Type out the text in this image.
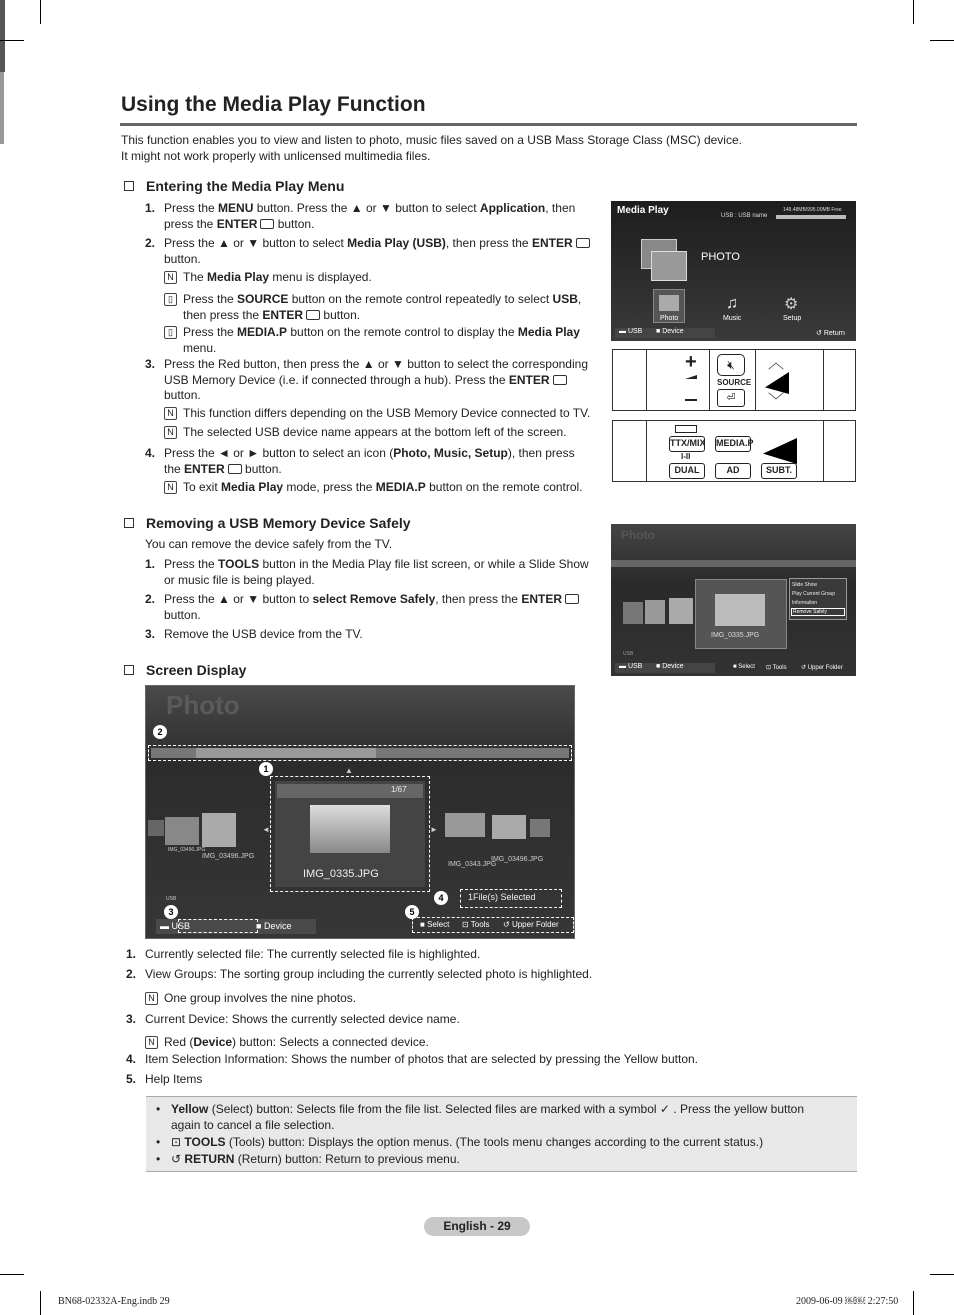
Using the Media Play Function
This function enables you to view and listen to photo, music files saved on a USB Mass Storage Class (MSC) device.
It might not work properly with unlicensed multimedia files.
Entering the Media Play Menu
1. Press the MENU button. Press the ▲ or ▼ button to select Application, then
press the ENTER button.
2. Press the ▲ or ▼ button to select Media Play (USB), then press the ENTER
button.
N The Media Play menu is displayed.
▯ Press the SOURCE button on the remote control repeatedly to select USB,
then press the ENTER button.
▯ Press the MEDIA.P button on the remote control to display the Media Play
menu.
3. Press the Red button, then press the ▲ or ▼ button to select the corresponding
USB Memory Device (i.e. if connected through a hub). Press the ENTER
button.
N This function differs depending on the USB Memory Device connected to TV.
N The selected USB device name appears at the bottom left of the screen.
4. Press the ◄ or ► button to select an icon (Photo, Music, Setup), then press
the ENTER button.
N To exit Media Play mode, press the MEDIA.P button on the remote control.
Media Play	USB : USB name
148.48MB/995.00MB Free
PHOTO
Photo
♫
Music
⚙
Setup
▬ USB ■ Device	↺ Return
+	🔇︎
SOURCE
⏎
︿
﹀
TTX/MIX MEDIA.P
I-II
DUAL	AD	SUBT.
Removing a USB Memory Device Safely
You can remove the device safely from the TV.
1. Press the TOOLS button in the Media Play file list screen, or while a Slide Show
or music file is being played.
2. Press the ▲ or ▼ button to select Remove Safely, then press the ENTER
button.
3. Remove the USB device from the TV.
Photo
IMG_0335.JPG
Slide Show
Play Current Group
Information
Remove Safely
USB
▬ USB ■ Device	■ Select ⊡ Tools ↺ Upper Folder
Screen Display
Photo
2
1	▲
1/67
IMG_0335.JPG
◄	►
IMG_03496.JPG
IMG_03496.JPG
IMG_0343.JPG
IMG_03496.JPG
4	1File(s) Selected
USB
3	5
▬ USB	■ Device	■ Select ⊡ Tools ↺ Upper Folder
1. Currently selected file: The currently selected file is highlighted.
2. View Groups: The sorting group including the currently selected photo is highlighted.
N One group involves the nine photos.
3. Current Device: Shows the currently selected device name.
N Red (Device) button: Selects a connected device.
4. Item Selection Information: Shows the number of photos that are selected by pressing the Yellow button.
5. Help Items
• Yellow (Select) button: Selects file from the file list. Selected files are marked with a symbol ✓ . Press the yellow button
again to cancel a file selection.
• ⊡ TOOLS (Tools) button: Displays the option menus. (The tools menu changes according to the current status.)
• ↺ RETURN (Return) button: Return to previous menu.
English - 29
BN68-02332A-Eng.indb 29	2009-06-09 ￼￼ 2:27:50
